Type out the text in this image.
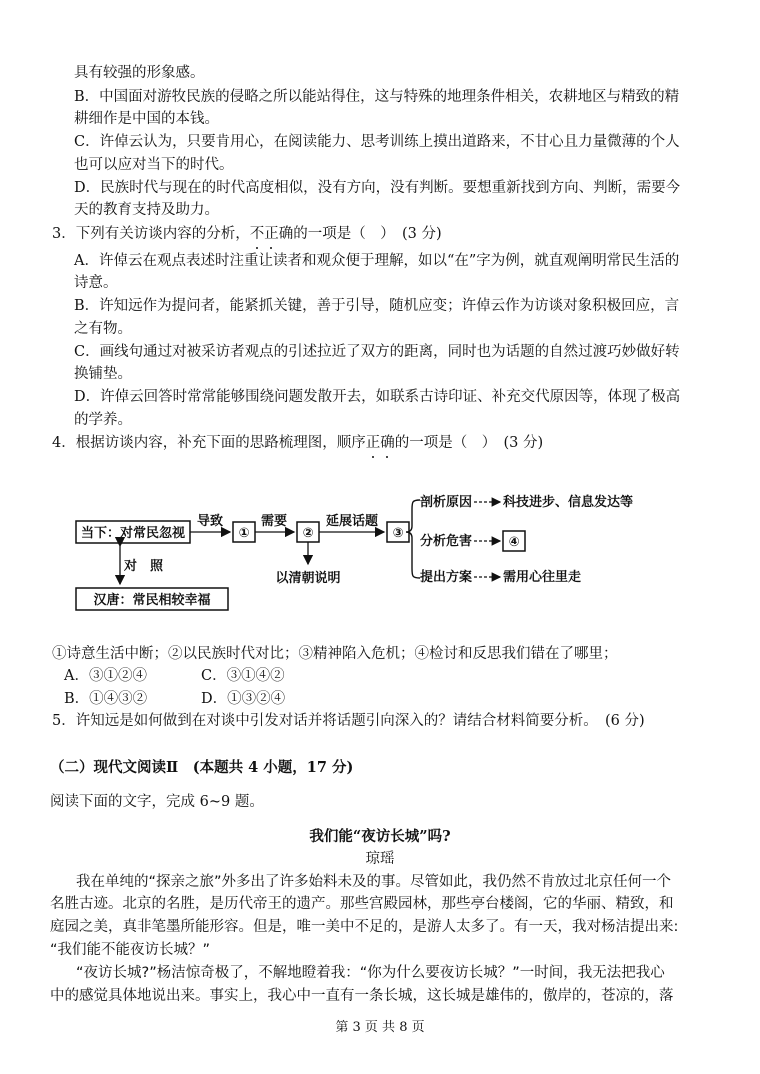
具有较强的形象感。
B．中国面对游牧民族的侵略之所以能站得住，这与特殊的地理条件相关，农耕地区与精致的精
耕细作是中国的本钱。
C．许倬云认为，只要肯用心，在阅读能力、思考训练上摸出道路来，不甘心且力量微薄的个人
也可以应对当下的时代。
D．民族时代与现在的时代高度相似，没有方向，没有判断。要想重新找到方向、判断，需要今
天的教育支持及助力。
3．下列有关访谈内容的分析，不正确的一项是（　）　(3 分)
A．许倬云在观点表述时注重让读者和观众便于理解，如以“在”字为例，就直观阐明常民生活的
诗意。
B．许知远作为提问者，能紧抓关键，善于引导，随机应变；许倬云作为访谈对象积极回应，言
之有物。
C．画线句通过对被采访者观点的引述拉近了双方的距离，同时也为话题的自然过渡巧妙做好转
换铺垫。
D．许倬云回答时常常能够围绕问题发散开去，如联系古诗印证、补充交代原因等，体现了极高
的学养。
4．根据访谈内容，补充下面的思路梳理图，顺序正确的一项是（　）　(3 分)
当下：对常民忽视
汉唐：常民相较幸福
对　照
导致
①
需要
②
以清朝说明
延展话题
③
剖析原因 科技进步、信息发达等
分析危害	④
提出方案 需用心往里走
①诗意生活中断；②以民族时代对比；③精神陷入危机；④检讨和反思我们错在了哪里；
A．③①②④	C．③①④②
B．①④③②	D．①③②④
5．许知远是如何做到在对谈中引发对话并将话题引向深入的？请结合材料简要分析。　(6 分)
（二）现代文阅读Ⅱ　(本题共 4 小题，17 分)
阅读下面的文字，完成 6~9 题。
我们能“夜访长城”吗?
琼瑶
我在单纯的“探亲之旅”外多出了许多始料未及的事。尽管如此，我仍然不肯放过北京任何一个
名胜古迹。北京的名胜，是历代帝王的遗产。那些宫殿园林，那些亭台楼阁，它的华丽、精致，和
庭园之美，真非笔墨所能形容。但是，唯一美中不足的，是游人太多了。有一天，我对杨洁提出来:
“我们能不能夜访长城？”
“夜访长城?”杨洁惊奇极了，不解地瞪着我：“你为什么要夜访长城？”一时间，我无法把我心
中的感觉具体地说出来。事实上，我心中一直有一条长城，这长城是雄伟的，傲岸的，苍凉的，落
第 3 页 共 8 页
